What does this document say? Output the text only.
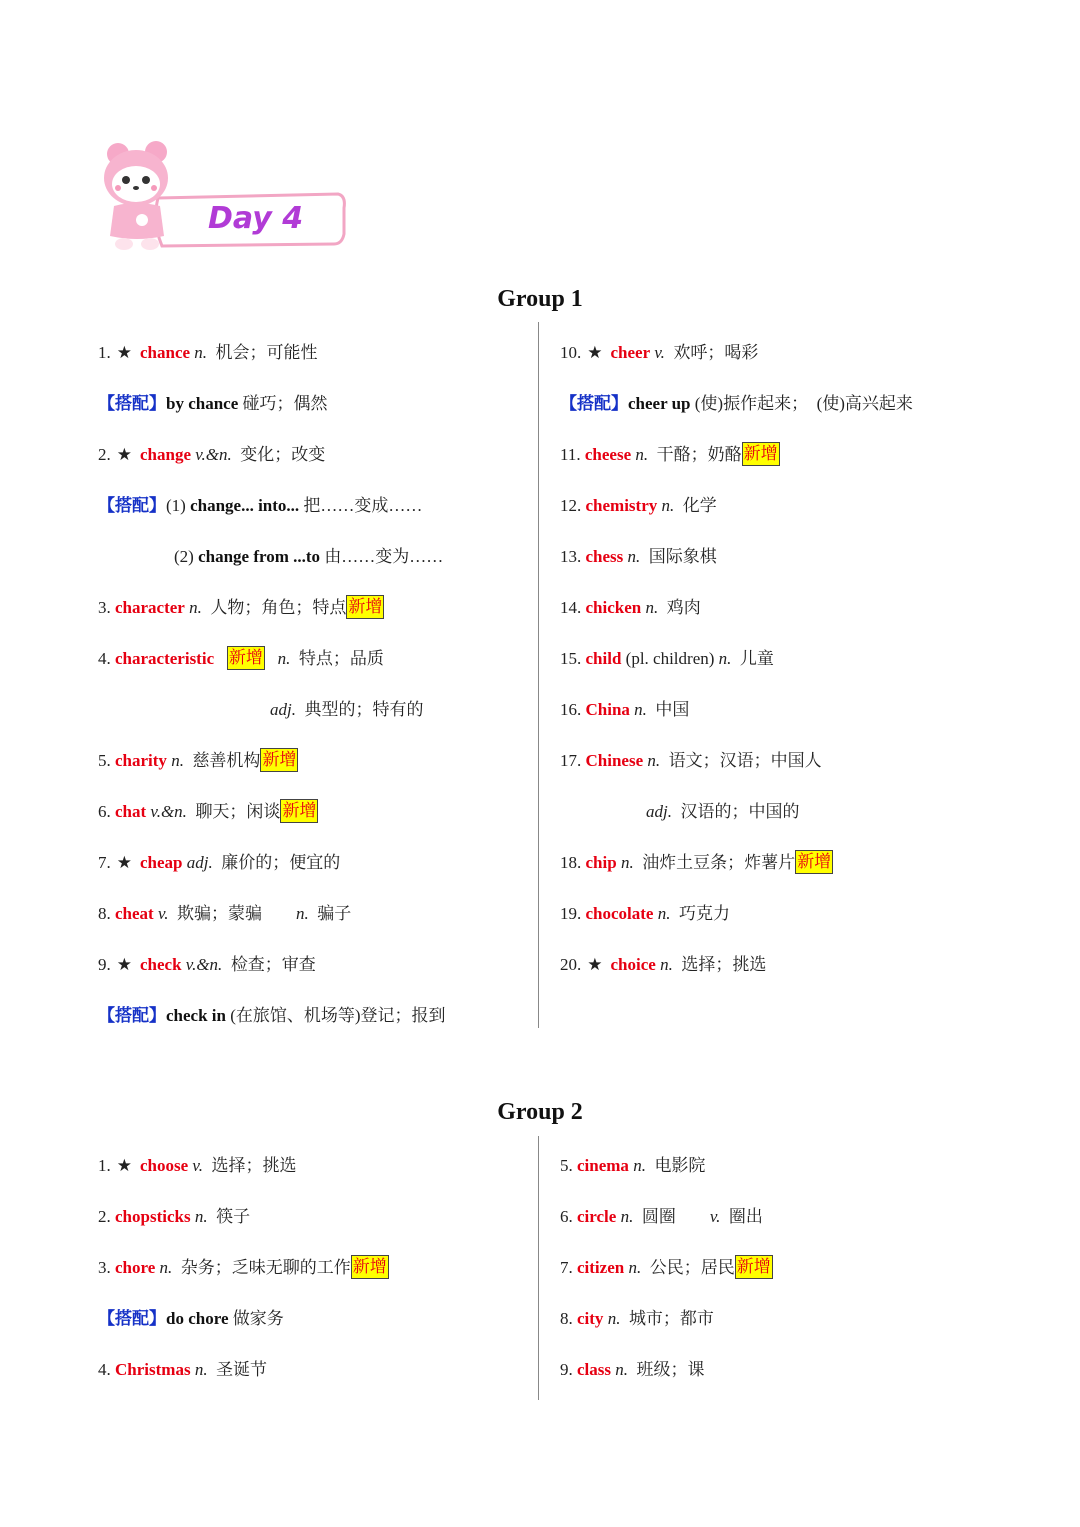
Day 4
Group 1
1. ★ chance n. 机会；可能性
【搭配】by chance 碰巧；偶然
2. ★ change v.&n. 变化；改变
【搭配】(1) change... into... 把……变成……
(2) change from ...to 由……变为……
3. character n. 人物；角色；特点 新增
4. characteristic 新增 n. 特点；品质
adj. 典型的；特有的
5. charity n. 慈善机构 新增
6. chat v.&n. 聊天；闲谈 新增
7. ★ cheap adj. 廉价的；便宜的
8. cheat v. 欺骗；蒙骗 n. 骗子
9. ★ check v.&n. 检查；审查
【搭配】check in (在旅馆、机场等)登记；报到
10. ★ cheer v. 欢呼；喝彩
【搭配】cheer up (使)振作起来；　(使)高兴起来
11. cheese n. 干酪；奶酪 新增
12. chemistry n. 化学
13. chess n. 国际象棋
14. chicken n. 鸡肉
15. child (pl. children) n. 儿童
16. China n. 中国
17. Chinese n. 语文；汉语；中国人
adj. 汉语的；中国的
18. chip n. 油炸土豆条；炸薯片 新增
19. chocolate n. 巧克力
20. ★ choice n. 选择；挑选
Group 2
1. ★ choose v. 选择；挑选
2. chopsticks n. 筷子
3. chore n. 杂务；乏味无聊的工作 新增
【搭配】do chore 做家务
4. Christmas n. 圣诞节
5. cinema n. 电影院
6. circle n. 圆圈 v. 圈出
7. citizen n. 公民；居民 新增
8. city n. 城市；都市
9. class n. 班级；课
